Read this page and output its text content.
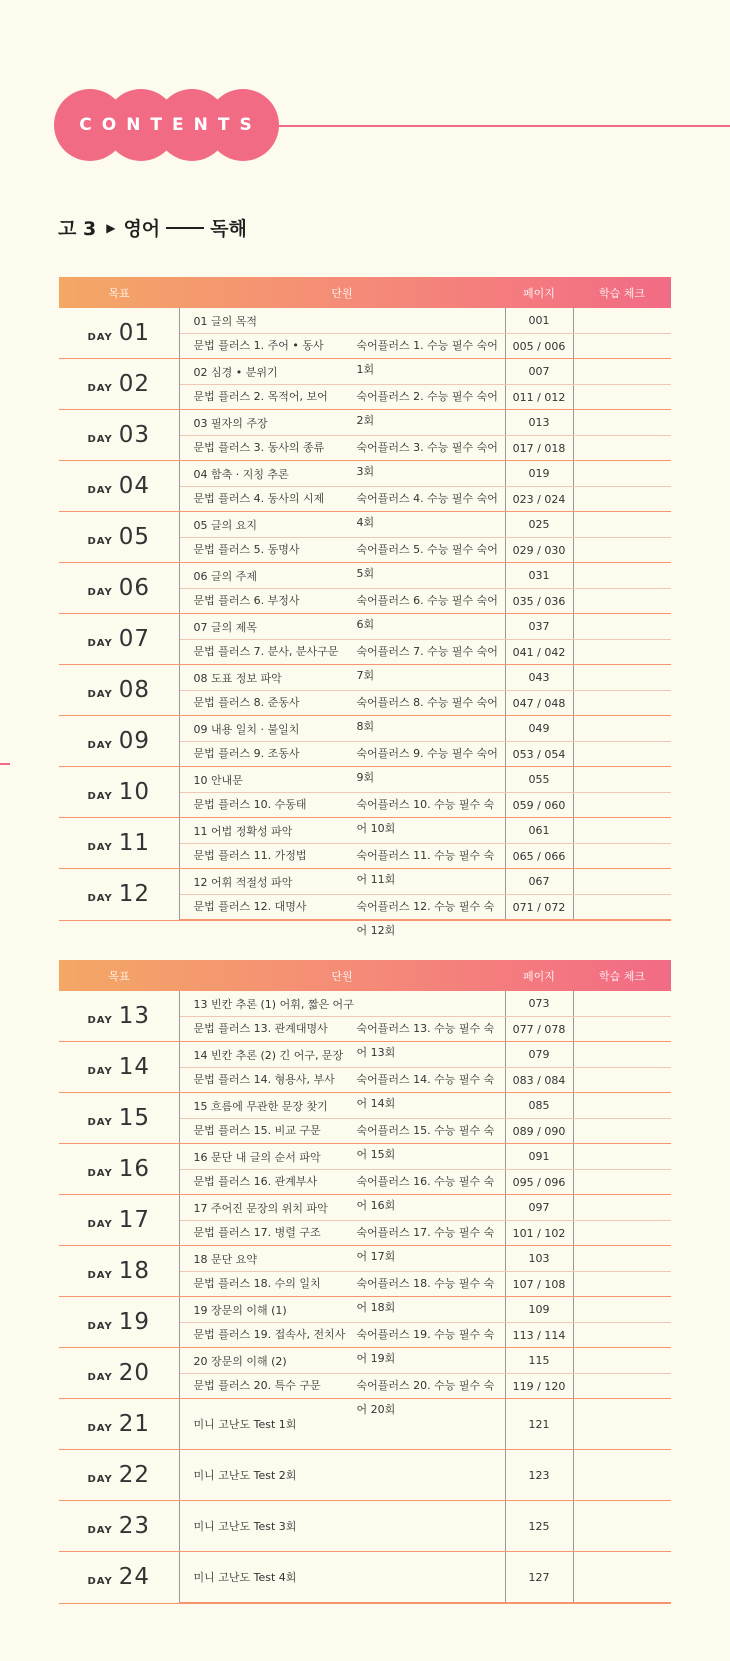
CONTENTS
고 3 ▶ 영어	독해
목표	단원	페이지	학습 체크
DAY 01	01 글의 목적	001	
	문법 플러스 1. 주어 • 동사 숙어플러스 1. 수능 필수 숙어 1회	005 / 006	
DAY 02	02 심경 • 분위기	007	
	문법 플러스 2. 목적어, 보어 숙어플러스 2. 수능 필수 숙어 2회	011 / 012	
DAY 03	03 필자의 주장	013	
	문법 플러스 3. 동사의 종류 숙어플러스 3. 수능 필수 숙어 3회	017 / 018	
DAY 04	04 함축 · 지칭 추론	019	
	문법 플러스 4. 동사의 시제 숙어플러스 4. 수능 필수 숙어 4회	023 / 024	
DAY 05	05 글의 요지	025	
	문법 플러스 5. 동명사 숙어플러스 5. 수능 필수 숙어 5회	029 / 030	
DAY 06	06 글의 주제	031	
	문법 플러스 6. 부정사 숙어플러스 6. 수능 필수 숙어 6회	035 / 036	
DAY 07	07 글의 제목	037	
	문법 플러스 7. 분사, 분사구문 숙어플러스 7. 수능 필수 숙어 7회	041 / 042	
DAY 08	08 도표 정보 파악	043	
	문법 플러스 8. 준동사 숙어플러스 8. 수능 필수 숙어 8회	047 / 048	
DAY 09	09 내용 일치 · 불일치	049	
	문법 플러스 9. 조동사 숙어플러스 9. 수능 필수 숙어 9회	053 / 054	
DAY 10	10 안내문	055	
	문법 플러스 10. 수동태 숙어플러스 10. 수능 필수 숙어 10회	059 / 060	
DAY 11	11 어법 정확성 파악	061	
	문법 플러스 11. 가정법 숙어플러스 11. 수능 필수 숙어 11회	065 / 066	
DAY 12	12 어휘 적절성 파악	067	
	문법 플러스 12. 대명사 숙어플러스 12. 수능 필수 숙어 12회	071 / 072	
목표	단원	페이지	학습 체크
DAY 13	13 빈칸 추론 (1) 어휘, 짧은 어구	073	
	문법 플러스 13. 관계대명사 숙어플러스 13. 수능 필수 숙어 13회	077 / 078	
DAY 14	14 빈칸 추론 (2) 긴 어구, 문장	079	
	문법 플러스 14. 형용사, 부사 숙어플러스 14. 수능 필수 숙어 14회	083 / 084	
DAY 15	15 흐름에 무관한 문장 찾기	085	
	문법 플러스 15. 비교 구문 숙어플러스 15. 수능 필수 숙어 15회	089 / 090	
DAY 16	16 문단 내 글의 순서 파악	091	
	문법 플러스 16. 관계부사 숙어플러스 16. 수능 필수 숙어 16회	095 / 096	
DAY 17	17 주어진 문장의 위치 파악	097	
	문법 플러스 17. 병렬 구조 숙어플러스 17. 수능 필수 숙어 17회	101 / 102	
DAY 18	18 문단 요약	103	
	문법 플러스 18. 수의 일치 숙어플러스 18. 수능 필수 숙어 18회	107 / 108	
DAY 19	19 장문의 이해 (1)	109	
	문법 플러스 19. 접속사, 전치사 숙어플러스 19. 수능 필수 숙어 19회	113 / 114	
DAY 20	20 장문의 이해 (2)	115	
	문법 플러스 20. 특수 구문 숙어플러스 20. 수능 필수 숙어 20회	119 / 120	
DAY 21	미니 고난도 Test 1회	121	
DAY 22	미니 고난도 Test 2회	123	
DAY 23	미니 고난도 Test 3회	125	
DAY 24	미니 고난도 Test 4회	127	
